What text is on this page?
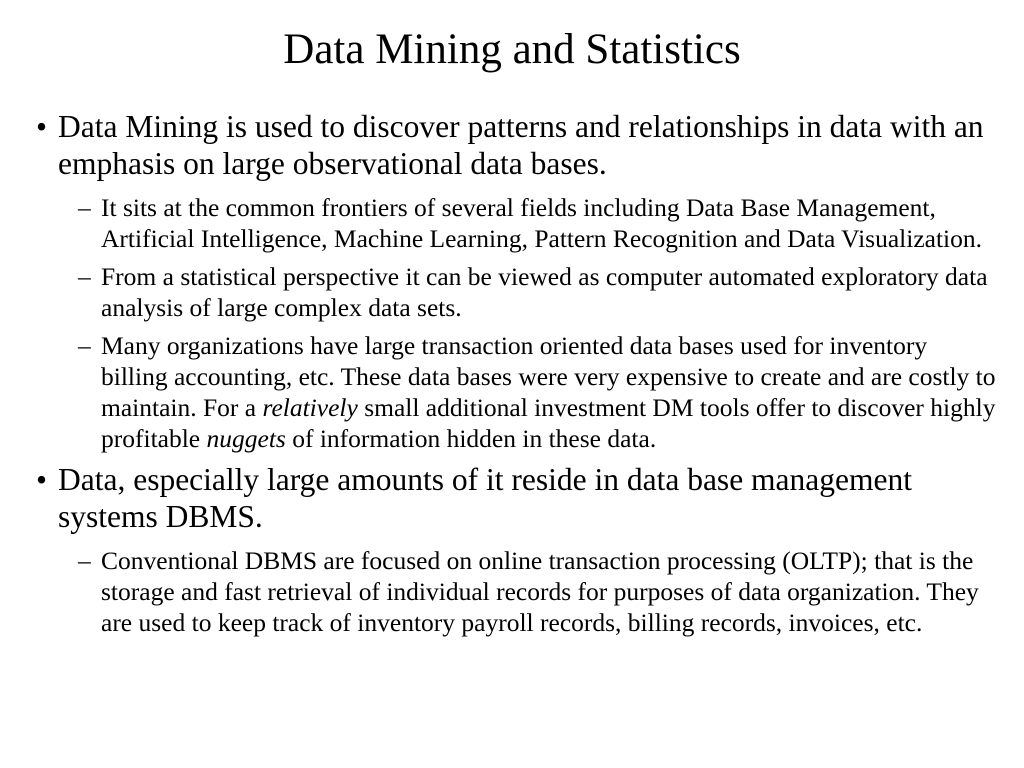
Data Mining and Statistics
• Data Mining is used to discover patterns and relationships in data with an emphasis on large observational data bases.
– It sits at the common frontiers of several fields including Data Base Management, Artificial Intelligence, Machine Learning, Pattern Recognition and Data Visualization.
– From a statistical perspective it can be viewed as computer automated exploratory data analysis of large complex data sets.
– Many organizations have large transaction oriented data bases used for inventory billing accounting, etc. These data bases were very expensive to create and are costly to maintain. For a relatively small additional investment DM tools offer to discover highly profitable nuggets of information hidden in these data.
• Data, especially large amounts of it reside in data base management systems DBMS.
– Conventional DBMS are focused on online transaction processing (OLTP); that is the storage and fast retrieval of individual records for purposes of data organization. They are used to keep track of inventory payroll records, billing records, invoices, etc.
